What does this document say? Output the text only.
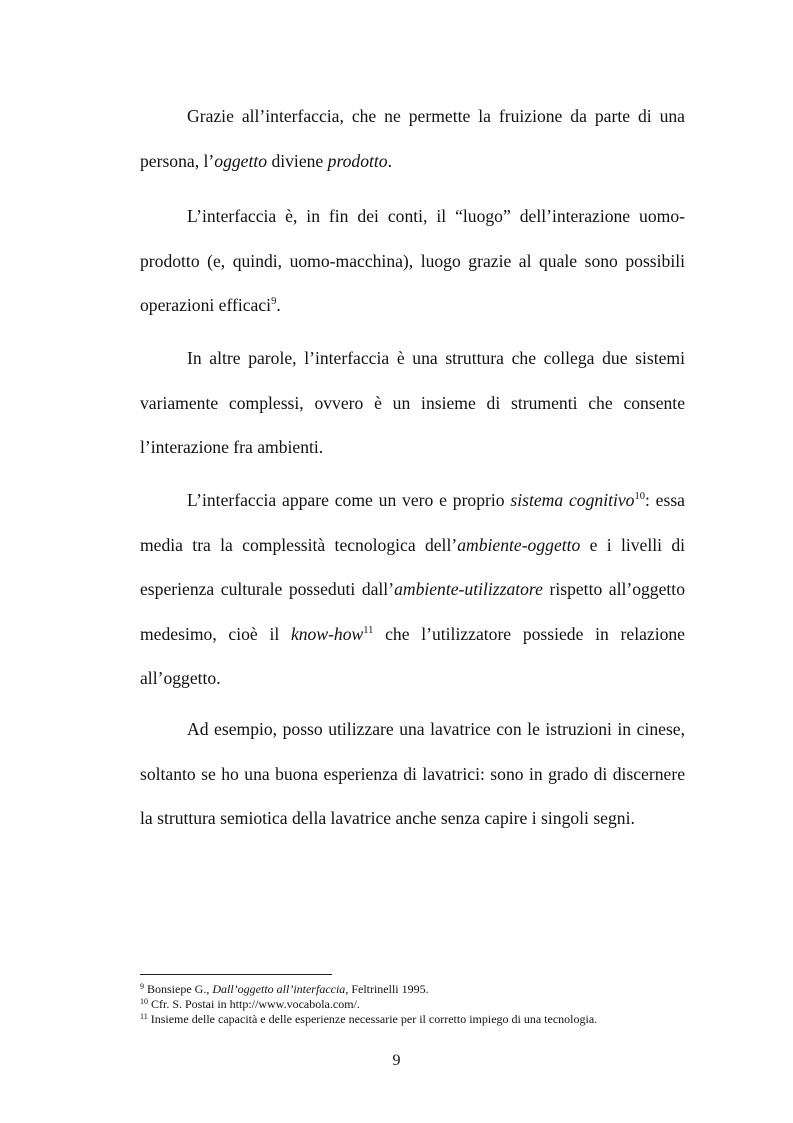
Grazie all’interfaccia, che ne permette la fruizione da parte di una persona, l’oggetto diviene prodotto.

L’interfaccia è, in fin dei conti, il “luogo” dell’interazione uomo-prodotto (e, quindi, uomo-macchina), luogo grazie al quale sono possibili operazioni efficaci$^9$.

In altre parole, l’interfaccia è una struttura che collega due sistemi variamente complessi, ovvero è un insieme di strumenti che consente l’interazione fra ambienti.

L’interfaccia appare come un vero e proprio sistema cognitivo$^{10}$: essa media tra la complessità tecnologica dell’ambiente-oggetto e i livelli di esperienza culturale posseduti dall’ambiente-utilizzatore rispetto all’oggetto medesimo, cioè il know-how$^{11}$ che l’utilizzatore possiede in relazione all’oggetto.

Ad esempio, posso utilizzare una lavatrice con le istruzioni in cinese, soltanto se ho una buona esperienza di lavatrici: sono in grado di discernere la struttura semiotica della lavatrice anche senza capire i singoli segni.

$^9$ Bonsiepe G., Dall’oggetto all’interfaccia, Feltrinelli 1995.

$^{10}$ Cfr. S. Postai in http://www.vocabola.com/.

$^{11}$ Insieme delle capacità e delle esperienze necessarie per il corretto impiego di una tecnologia.

9
